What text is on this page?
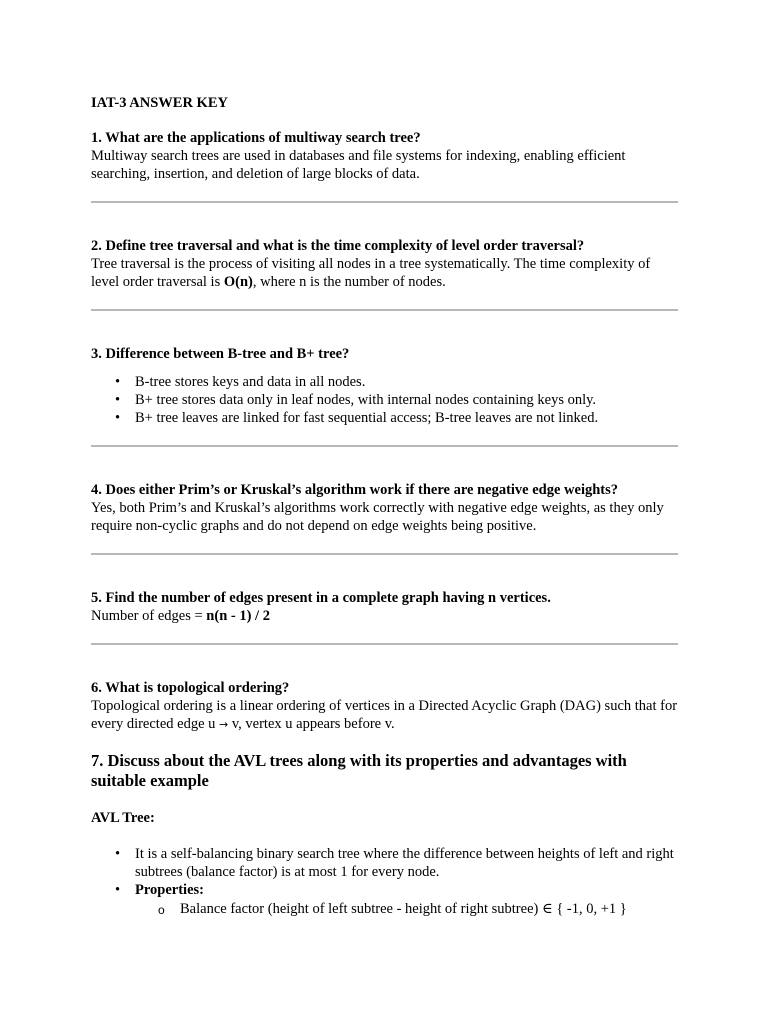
IAT-3 ANSWER KEY

1. What are the applications of multiway search tree?

Multiway search trees are used in databases and file systems for indexing, enabling efficient searching, insertion, and deletion of large blocks of data.

2. Define tree traversal and what is the time complexity of level order traversal?

Tree traversal is the process of visiting all nodes in a tree systematically. The time complexity of level order traversal is O(n), where n is the number of nodes.

3. Difference between B-tree and B+ tree?

• B-tree stores keys and data in all nodes.
• B+ tree stores data only in leaf nodes, with internal nodes containing keys only.
• B+ tree leaves are linked for fast sequential access; B-tree leaves are not linked.

4. Does either Prim’s or Kruskal’s algorithm work if there are negative edge weights?

Yes, both Prim’s and Kruskal’s algorithms work correctly with negative edge weights, as they only require non-cyclic graphs and do not depend on edge weights being positive.

5. Find the number of edges present in a complete graph having n vertices.

Number of edges = n(n - 1) / 2

6. What is topological ordering?

Topological ordering is a linear ordering of vertices in a Directed Acyclic Graph (DAG) such that for every directed edge u → v, vertex u appears before v.

7. Discuss about the AVL trees along with its properties and advantages with suitable example

AVL Tree:

• It is a self-balancing binary search tree where the difference between heights of left and right subtrees (balance factor) is at most 1 for every node.
• Properties:
o Balance factor (height of left subtree - height of right subtree) ∈ { -1, 0, +1 }
